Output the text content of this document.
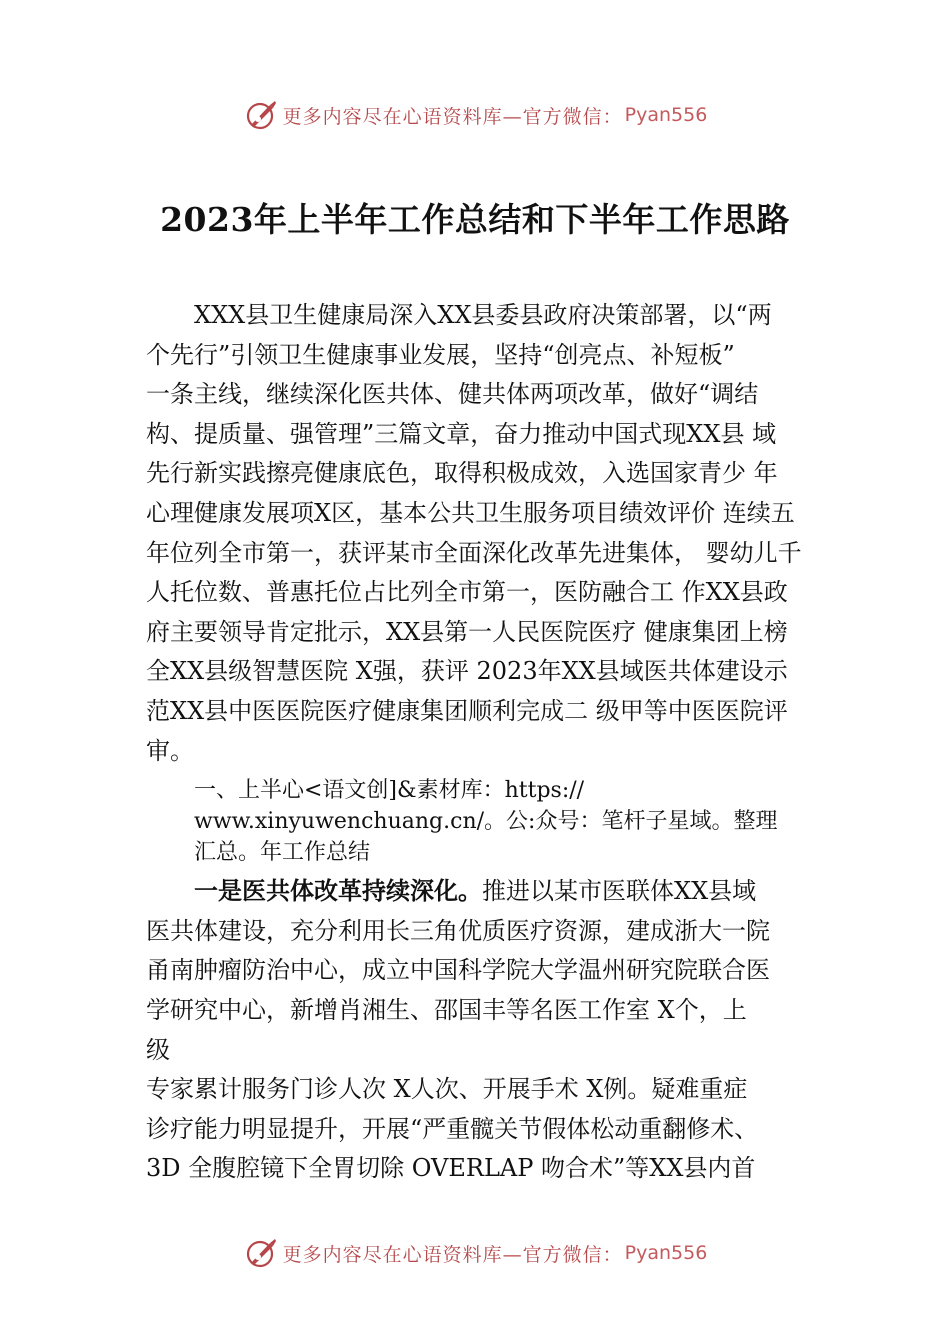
更多内容尽在心语资料库—官方微信： Pyan556
2023年上半年工作总结和下半年工作思路
XXX县卫生健康局深入XX县委县政府决策部署，以“两
个先行”引领卫生健康事业发展，坚持“创亮点、补短板”
一条主线，继续深化医共体、健共体两项改革，做好“调结
构、提质量、强管理”三篇文章，奋力推动中国式现XX县 域
先行新实践擦亮健康底色，取得积极成效，入选国家青少 年
心理健康发展项X区，基本公共卫生服务项目绩效评价 连续五
年位列全市第一，获评某市全面深化改革先进集体， 婴幼儿千
人托位数、普惠托位占比列全市第一，医防融合工 作XX县政
府主要领导肯定批示，XX县第一人民医院医疗 健康集团上榜
全XX县级智慧医院 X强，获评 2023年XX县域医共体建设示
范XX县中医医院医疗健康集团顺利完成二 级甲等中医医院评
审。
一、上半心<语文创]&素材库：https://
www.xinyuwenchuang.cn/。公:众号：笔杆子星域。整理
汇总。年工作总结
一是医共体改革持续深化。推进以某市医联体XX县域
医共体建设，充分利用长三角优质医疗资源，建成浙大一院
甬南肿瘤防治中心，成立中国科学院大学温州研究院联合医
学研究中心，新增肖湘生、邵国丰等名医工作室 X个，上
级
专家累计服务门诊人次 X人次、开展手术 X例。疑难重症
诊疗能力明显提升，开展“严重髋关节假体松动重翻修术、
3D 全腹腔镜下全胃切除 OVERLAP 吻合术”等XX县内首
更多内容尽在心语资料库—官方微信： Pyan556
